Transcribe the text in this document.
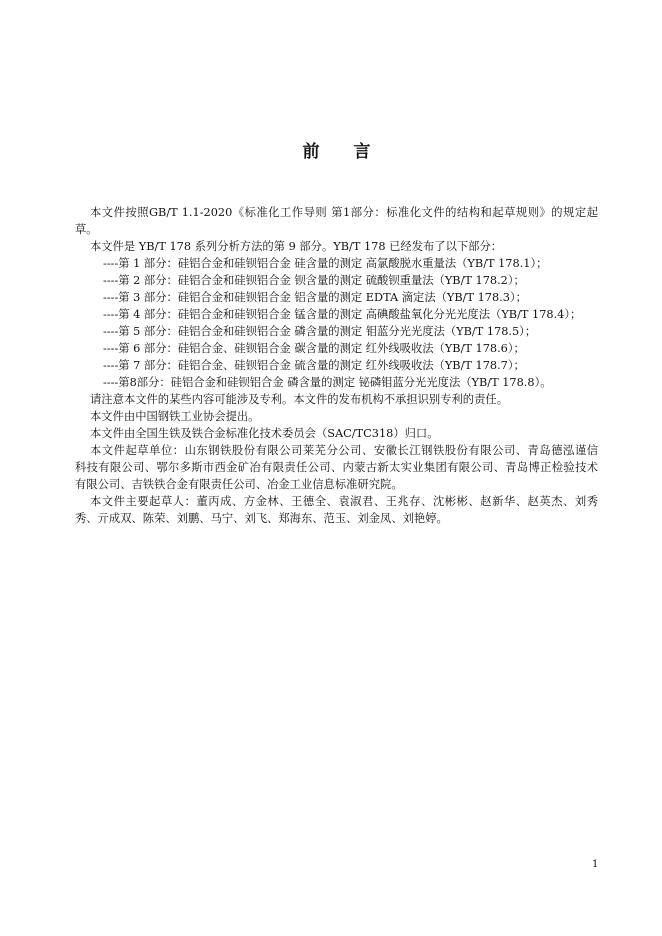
前　　言
本文件按照GB/T 1.1-2020《标准化工作导则 第1部分：标准化文件的结构和起草规则》的规定起
草。
本文件是 YB/T 178 系列分析方法的第 9 部分。YB/T 178 已经发布了以下部分：
----第 1 部分：硅铝合金和硅钡铝合金 硅含量的测定 高氯酸脱水重量法（YB/T 178.1）；
----第 2 部分：硅铝合金和硅钡铝合金 钡含量的测定 硫酸钡重量法（YB/T 178.2）；
----第 3 部分：硅铝合金和硅钡铝合金 铝含量的测定 EDTA 滴定法（YB/T 178.3）；
----第 4 部分：硅铝合金和硅钡铝合金 锰含量的测定 高碘酸盐氧化分光光度法（YB/T 178.4）；
----第 5 部分：硅铝合金和硅钡铝合金 磷含量的测定 钼蓝分光光度法（YB/T 178.5）；
----第 6 部分：硅铝合金、硅钡铝合金 碳含量的测定 红外线吸收法（YB/T 178.6）；
----第 7 部分：硅铝合金、硅钡铝合金 硫含量的测定 红外线吸收法（YB/T 178.7）；
----第8部分：硅铝合金和硅钡铝合金 磷含量的测定 铋磷钼蓝分光光度法（YB/T 178.8）。
请注意本文件的某些内容可能涉及专利。本文件的发布机构不承担识别专利的责任。
本文件由中国钢铁工业协会提出。
本文件由全国生铁及铁合金标准化技术委员会（SAC/TC318）归口。
本文件起草单位：山东钢铁股份有限公司莱芜分公司、安徽长江钢铁股份有限公司、青岛德泓谨信
科技有限公司、鄂尔多斯市西金矿冶有限责任公司、内蒙古新太实业集团有限公司、青岛博正检验技术
有限公司、吉铁铁合金有限责任公司、冶金工业信息标准研究院。
本文件主要起草人：董丙成、方金林、王德全、袁淑君、王兆存、沈彬彬、赵新华、赵英杰、刘秀
秀、亓成双、陈荣、刘鹏、马宁、刘飞、郑海东、范玉、刘金凤、刘艳婷。
1
